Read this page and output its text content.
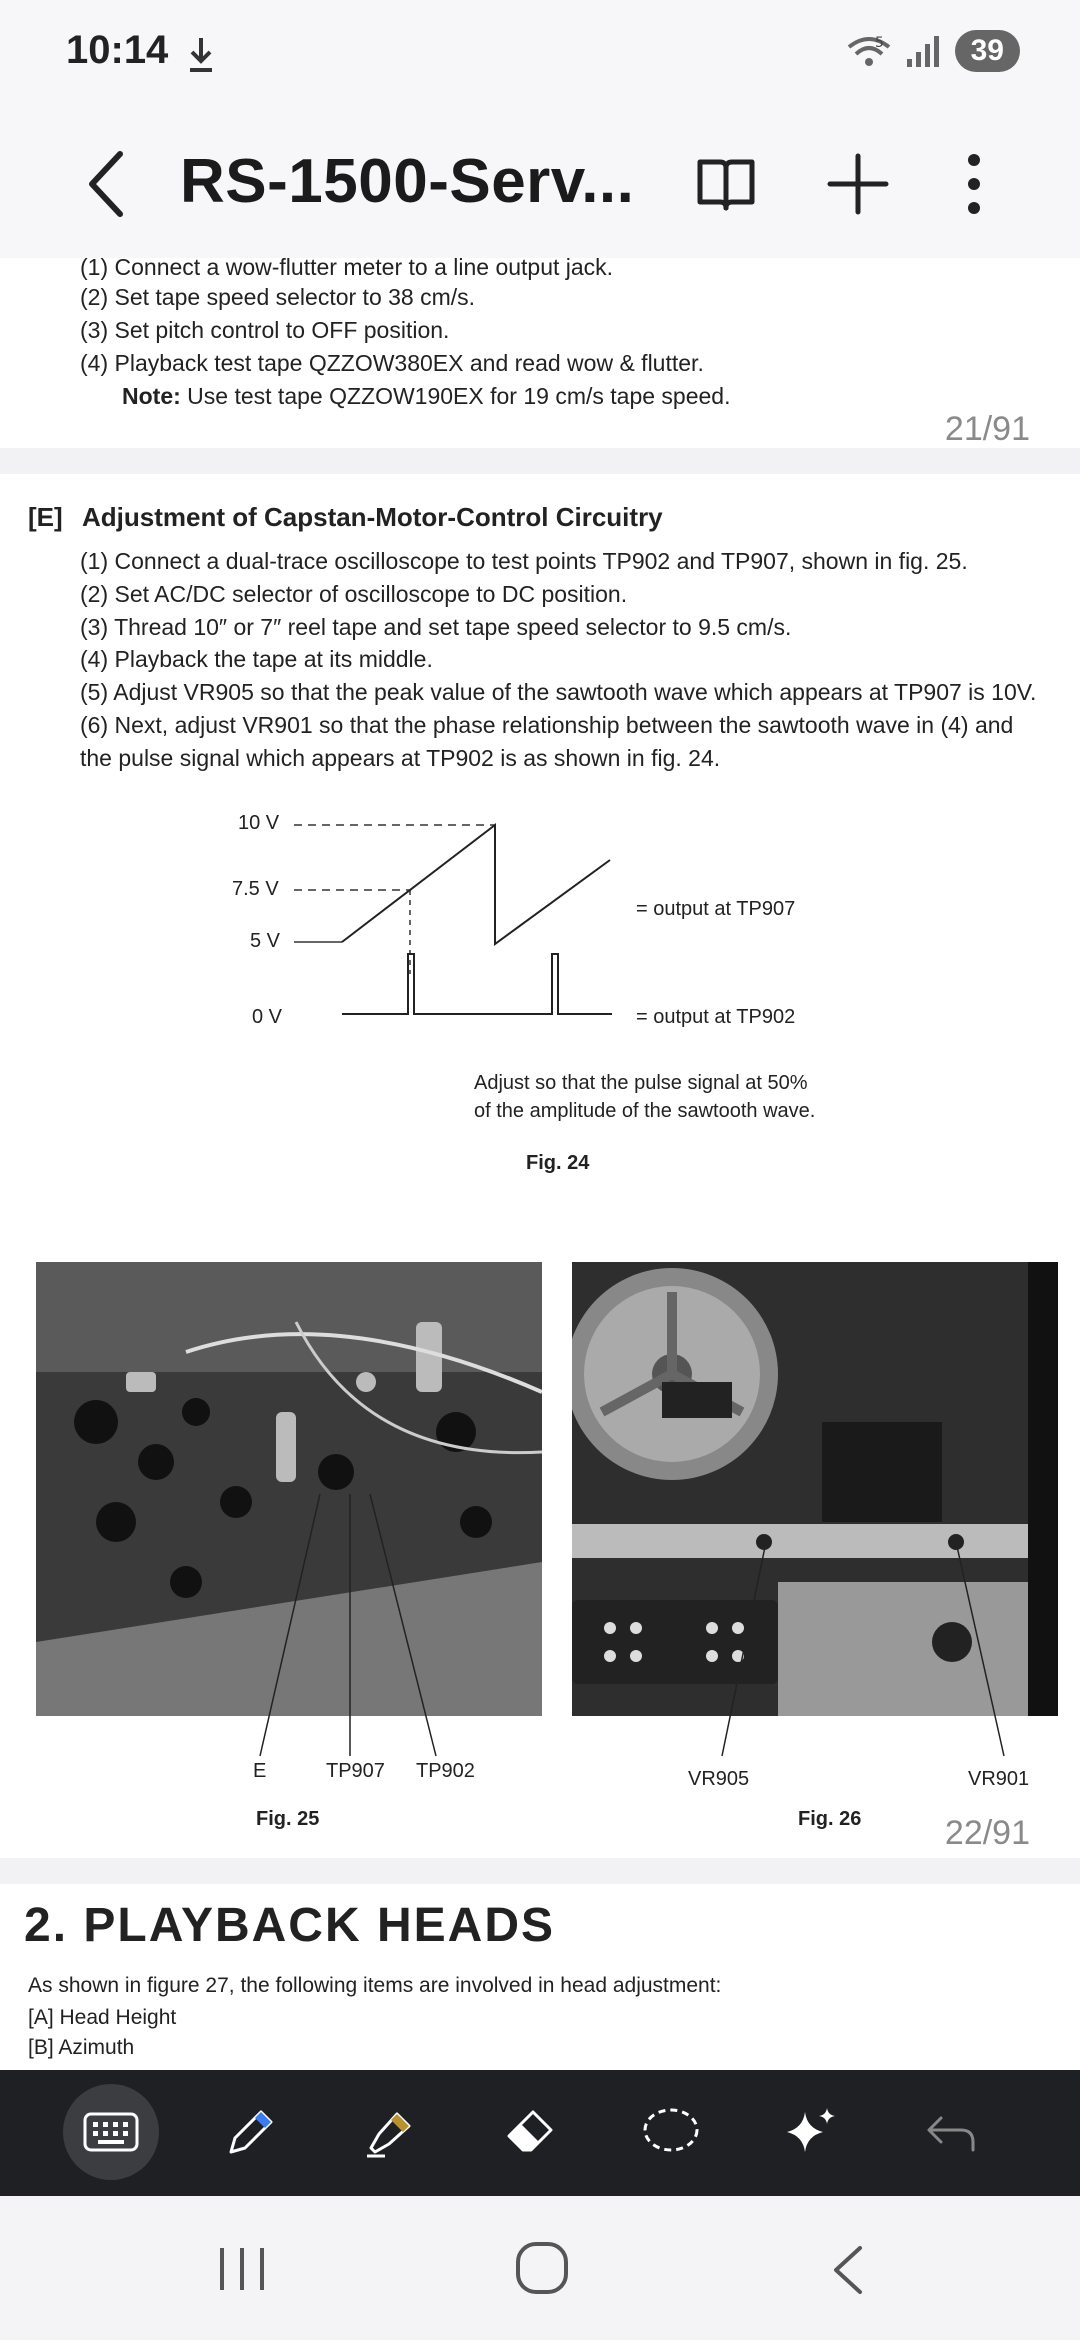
10:14	5	39
RS-1500-Serv...
(1) Connect a wow-flutter meter to a line output jack.
(2) Set tape speed selector to 38 cm/s.
(3) Set pitch control to OFF position.
(4) Playback test tape QZZOW380EX and read wow & flutter.
Note: Use test tape QZZOW190EX for 19 cm/s tape speed.
21/91
[E] Adjustment of Capstan-Motor-Control Circuitry
(1) Connect a dual-trace oscilloscope to test points TP902 and TP907, shown in fig. 25.
(2) Set AC/DC selector of oscilloscope to DC position.
(3) Thread 10″ or 7″ reel tape and set tape speed selector to 9.5 cm/s.
(4) Playback the tape at its middle.
(5) Adjust VR905 so that the peak value of the sawtooth wave which appears at TP907 is 10V.
(6) Next, adjust VR901 so that the phase relationship between the sawtooth wave in (4) and
the pulse signal which appears at TP902 is as shown in fig. 24.
10 V
7.5 V
5 V
0 V
= output at TP907
= output at TP902
Adjust so that the pulse signal at 50%
of the amplitude of the sawtooth wave.
Fig. 24
E	TP907 TP902
Fig. 25
VR905	VR901
Fig. 26 22/91
2. PLAYBACK HEADS
As shown in figure 27, the following items are involved in head adjustment:
[A] Head Height
[B] Azimuth
